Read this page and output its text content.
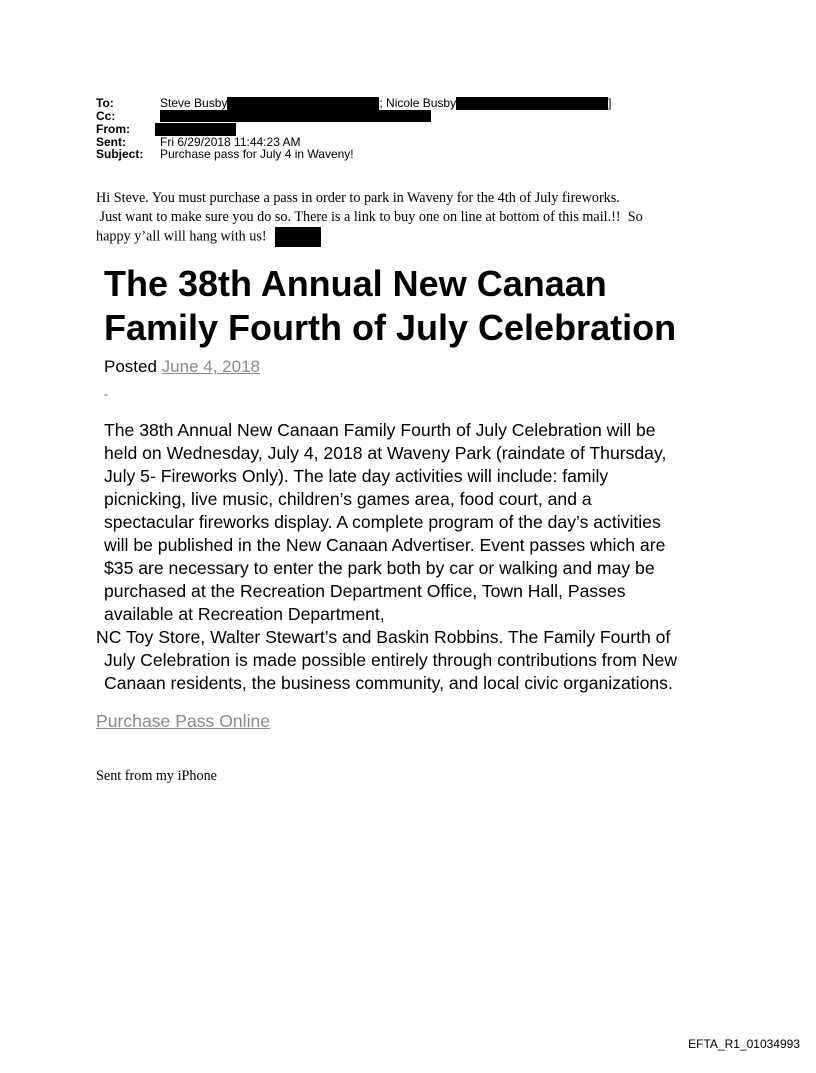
To:	Steve Busby	; Nicole Busby	]
Cc:
From:
Sent:	Fri 6/29/2018 11:44:23 AM
Subject:	Purchase pass for July 4 in Waveny!
Hi Steve. You must purchase a pass in order to park in Waveny for the 4th of July fireworks.
Just want to make sure you do so. There is a link to buy one on line at bottom of this mail.!!  So
happy y’all will hang with us!
The 38th Annual New Canaan
Family Fourth of July Celebration
Posted June 4, 2018
-

The 38th Annual New Canaan Family Fourth of July Celebration will be

held on Wednesday, July 4, 2018 at Waveny Park (raindate of Thursday,

July 5- Fireworks Only). The late day activities will include: family

picnicking, live music, children’s games area, food court, and a

spectacular fireworks display. A complete program of the day’s activities

will be published in the New Canaan Advertiser. Event passes which are

$35 are necessary to enter the park both by car or walking and may be

purchased at the Recreation Department Office, Town Hall, Passes

available at Recreation Department,

NC Toy Store, Walter Stewart’s and Baskin Robbins. The Family Fourth of

July Celebration is made possible entirely through contributions from New

Canaan residents, the business community, and local civic organizations.

Purchase Pass Online
Sent from my iPhone
EFTA_R1_01034993
